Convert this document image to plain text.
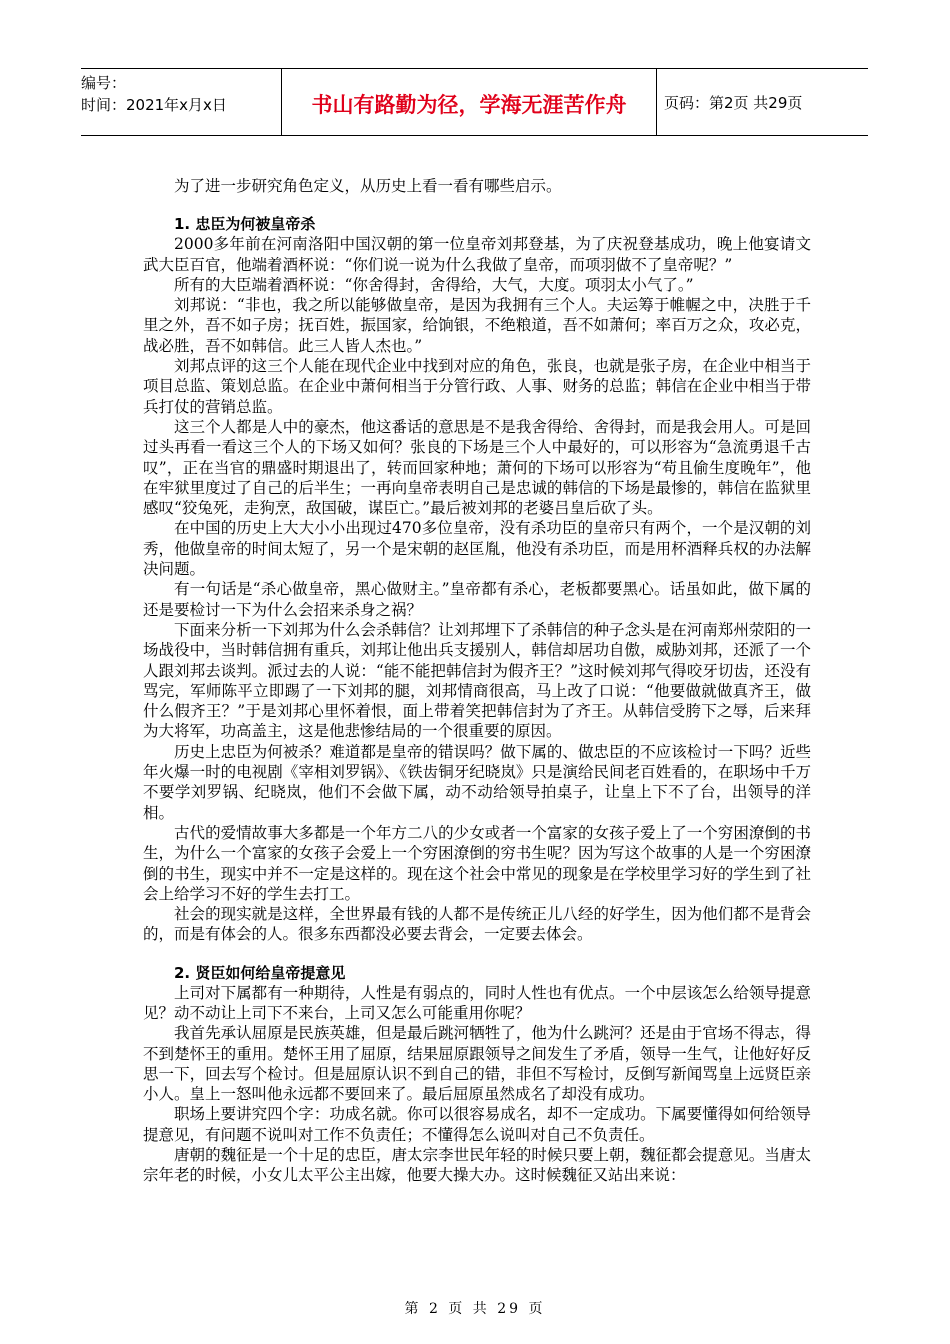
编号：
时间：2021年x月x日	书山有路勤为径，学海无涯苦作舟	页码：第2页 共29页

为了进一步研究角色定义，从历史上看一看有哪些启示。

1. 忠臣为何被皇帝杀

2000多年前在河南洛阳中国汉朝的第一位皇帝刘邦登基，为了庆祝登基成功，晚上他宴请文武大臣百官，他端着酒杯说：“你们说一说为什么我做了皇帝，而项羽做不了皇帝呢？”

所有的大臣端着酒杯说：“你舍得封，舍得给，大气，大度。项羽太小气了。”

刘邦说：“非也，我之所以能够做皇帝，是因为我拥有三个人。夫运筹于帷幄之中，决胜于千里之外，吾不如子房；抚百姓，振国家，给饷银，不绝粮道，吾不如萧何；率百万之众，攻必克，战必胜，吾不如韩信。此三人皆人杰也。”

刘邦点评的这三个人能在现代企业中找到对应的角色，张良，也就是张子房，在企业中相当于项目总监、策划总监。在企业中萧何相当于分管行政、人事、财务的总监；韩信在企业中相当于带兵打仗的营销总监。

这三个人都是人中的豪杰，他这番话的意思是不是我舍得给、舍得封，而是我会用人。可是回过头再看一看这三个人的下场又如何？张良的下场是三个人中最好的，可以形容为“急流勇退千古叹”，正在当官的鼎盛时期退出了，转而回家种地；萧何的下场可以形容为“苟且偷生度晚年”，他在牢狱里度过了自己的后半生；一再向皇帝表明自己是忠诚的韩信的下场是最惨的，韩信在监狱里感叹“狡兔死，走狗烹，敌国破，谋臣亡。”最后被刘邦的老婆吕皇后砍了头。

在中国的历史上大大小小出现过470多位皇帝，没有杀功臣的皇帝只有两个，一个是汉朝的刘秀，他做皇帝的时间太短了，另一个是宋朝的赵匡胤，他没有杀功臣，而是用杯酒释兵权的办法解决问题。

有一句话是“杀心做皇帝，黑心做财主。”皇帝都有杀心，老板都要黑心。话虽如此，做下属的还是要检讨一下为什么会招来杀身之祸？

下面来分析一下刘邦为什么会杀韩信？让刘邦埋下了杀韩信的种子念头是在河南郑州荥阳的一场战役中，当时韩信拥有重兵，刘邦让他出兵支援别人，韩信却居功自傲，威胁刘邦，还派了一个人跟刘邦去谈判。派过去的人说：“能不能把韩信封为假齐王？”这时候刘邦气得咬牙切齿，还没有骂完，军师陈平立即踢了一下刘邦的腿，刘邦情商很高，马上改了口说：“他要做就做真齐王，做什么假齐王？”于是刘邦心里怀着恨，面上带着笑把韩信封为了齐王。从韩信受胯下之辱，后来拜为大将军，功高盖主，这是他悲惨结局的一个很重要的原因。

历史上忠臣为何被杀？难道都是皇帝的错误吗？做下属的、做忠臣的不应该检讨一下吗？近些年火爆一时的电视剧《宰相刘罗锅》、《铁齿铜牙纪晓岚》只是演给民间老百姓看的，在职场中千万不要学刘罗锅、纪晓岚，他们不会做下属，动不动给领导拍桌子，让皇上下不了台，出领导的洋相。

古代的爱情故事大多都是一个年方二八的少女或者一个富家的女孩子爱上了一个穷困潦倒的书生，为什么一个富家的女孩子会爱上一个穷困潦倒的穷书生呢？因为写这个故事的人是一个穷困潦倒的书生，现实中并不一定是这样的。现在这个社会中常见的现象是在学校里学习好的学生到了社会上给学习不好的学生去打工。

社会的现实就是这样，全世界最有钱的人都不是传统正儿八经的好学生，因为他们都不是背会的，而是有体会的人。很多东西都没必要去背会，一定要去体会。

2. 贤臣如何给皇帝提意见

上司对下属都有一种期待，人性是有弱点的，同时人性也有优点。一个中层该怎么给领导提意见？动不动让上司下不来台，上司又怎么可能重用你呢？

我首先承认屈原是民族英雄，但是最后跳河牺牲了，他为什么跳河？还是由于官场不得志，得不到楚怀王的重用。楚怀王用了屈原，结果屈原跟领导之间发生了矛盾，领导一生气，让他好好反思一下，回去写个检讨。但是屈原认识不到自己的错，非但不写检讨，反倒写新闻骂皇上远贤臣亲小人。皇上一怒叫他永远都不要回来了。最后屈原虽然成名了却没有成功。

职场上要讲究四个字：功成名就。你可以很容易成名，却不一定成功。下属要懂得如何给领导提意见，有问题不说叫对工作不负责任；不懂得怎么说叫对自己不负责任。

唐朝的魏征是一个十足的忠臣，唐太宗李世民年轻的时候只要上朝，魏征都会提意见。当唐太宗年老的时候，小女儿太平公主出嫁，他要大操大办。这时候魏征又站出来说：

第 2 页 共 29 页
